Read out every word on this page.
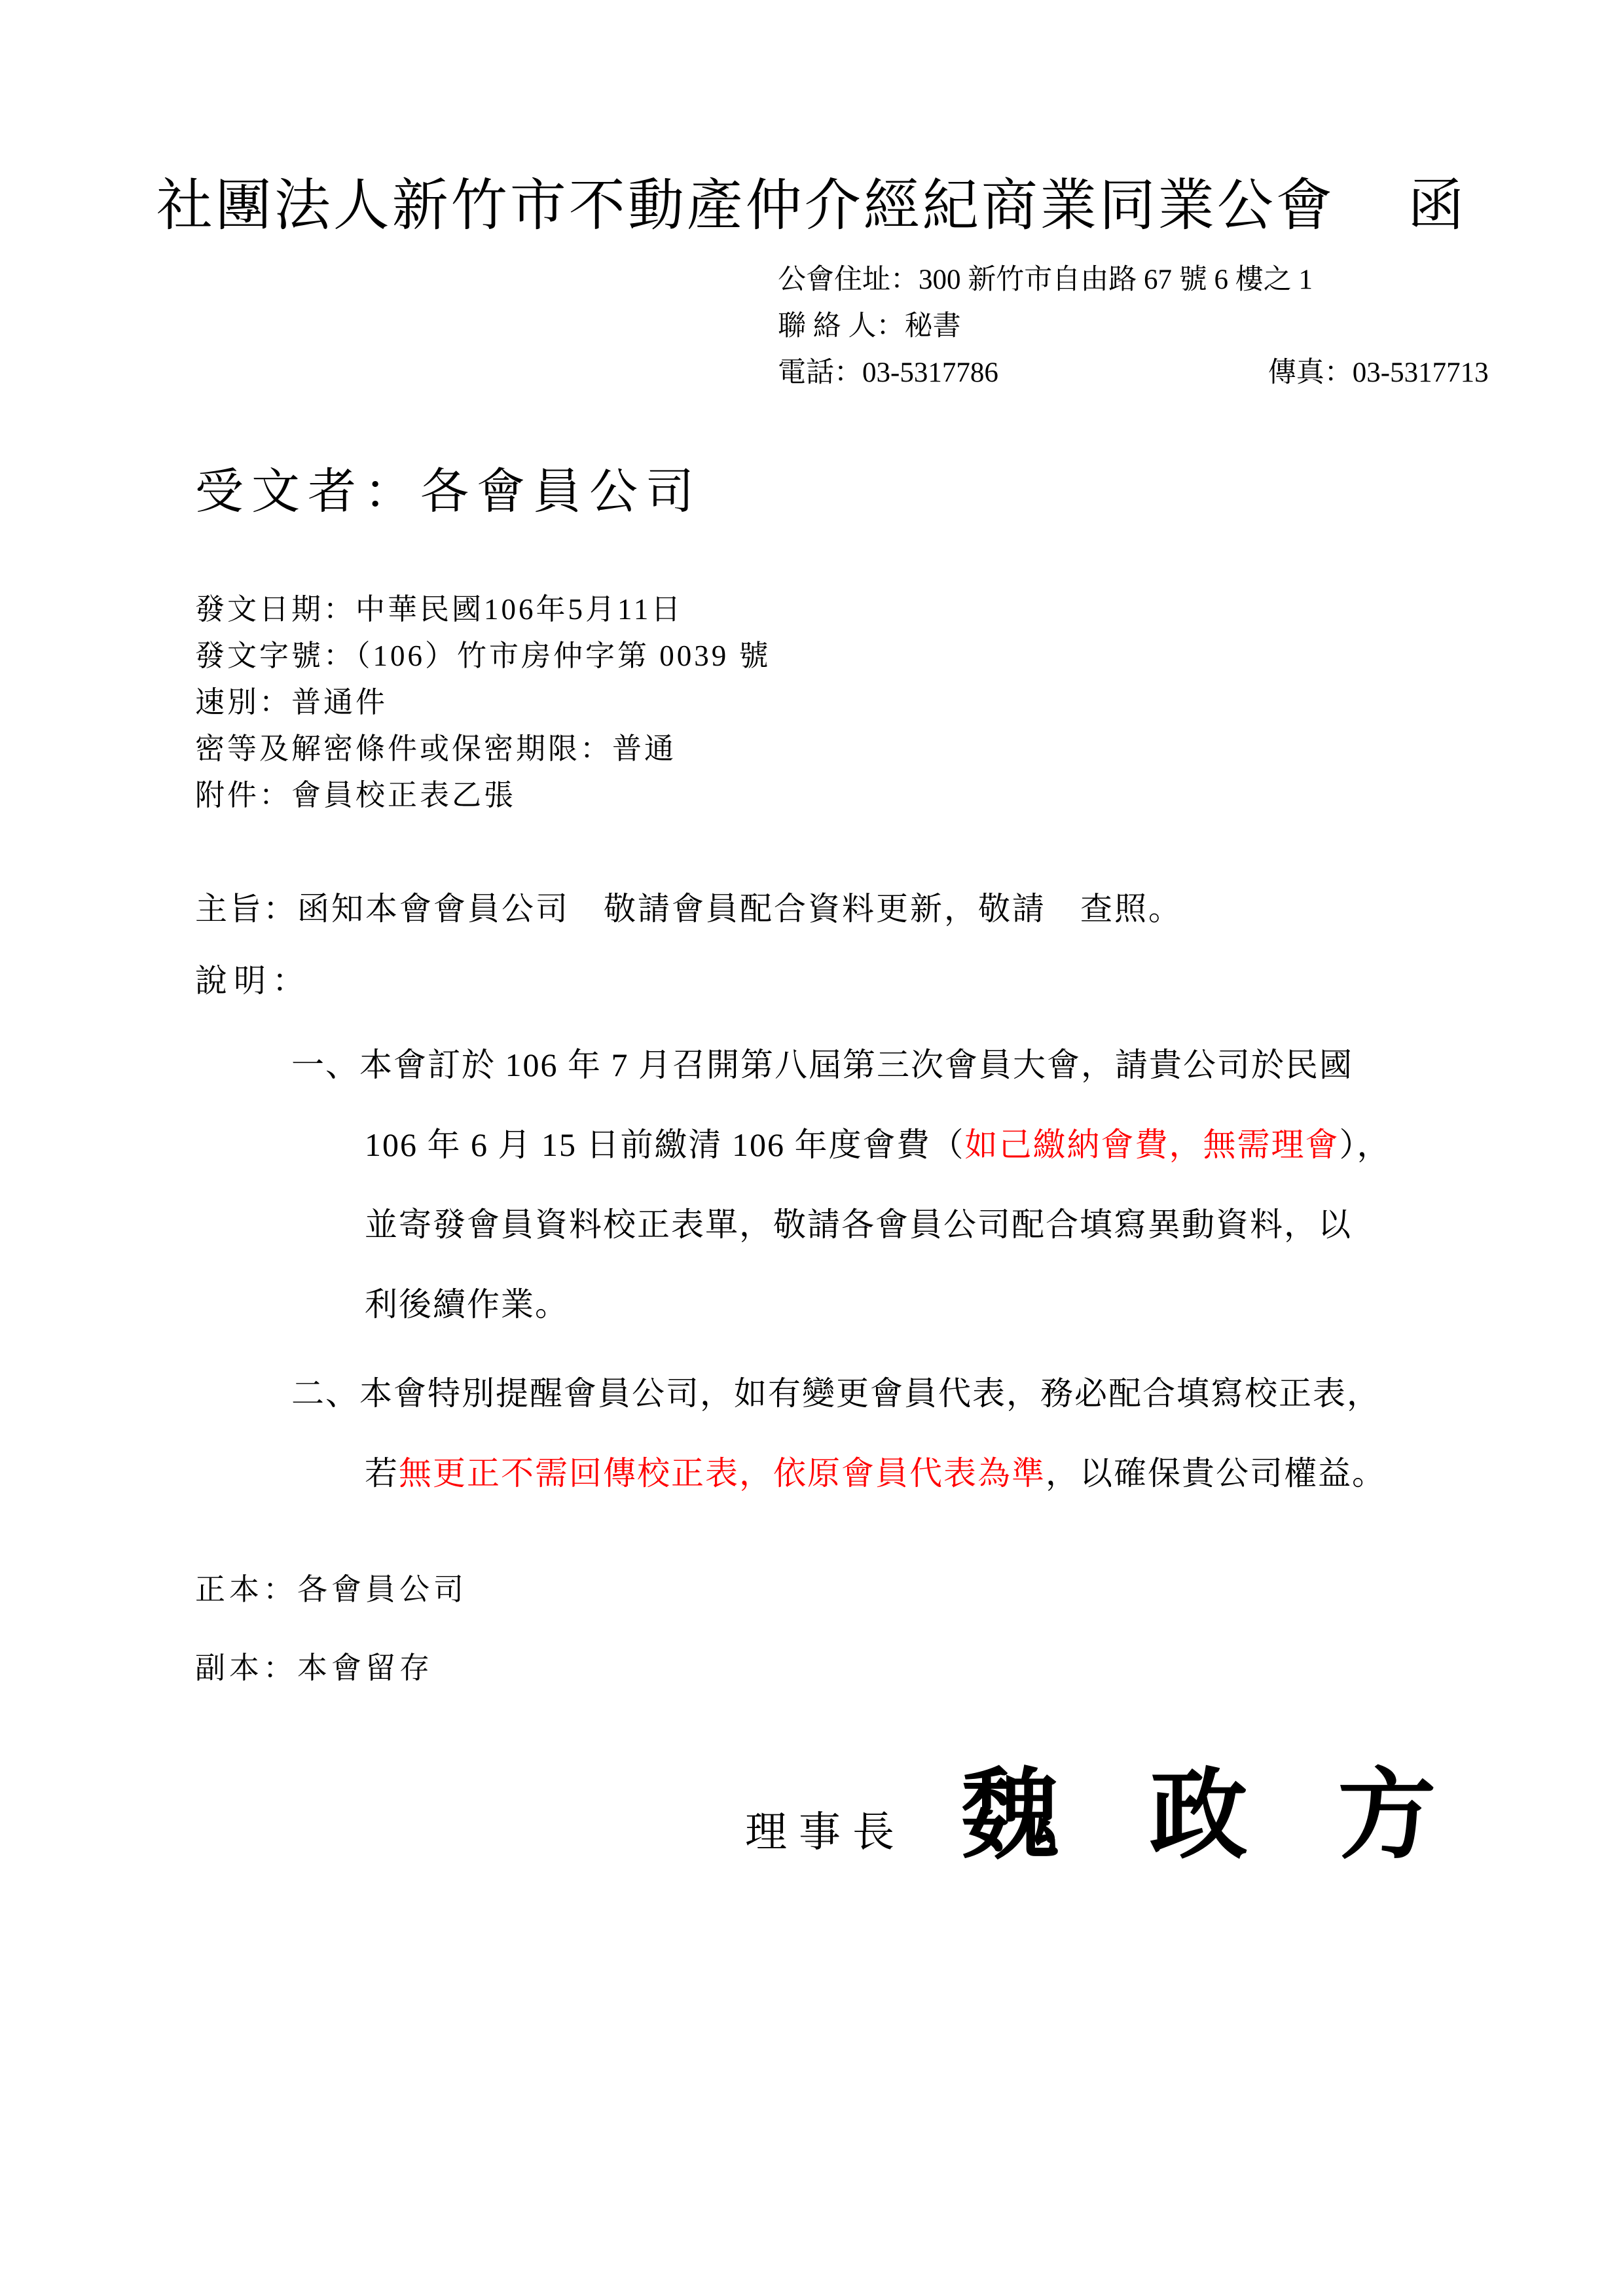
社團法人新竹市不動產仲介經紀商業同業公會 函
公會住址：300 新竹市自由路 67 號 6 樓之 1
聯 絡 人：秘書
電話：03-5317786	傳真：03-5317713
受文者：各會員公司
發文日期：中華民國106年5月11日
發文字號：（106）竹市房仲字第 0039 號
速別：普通件
密等及解密條件或保密期限：普通
附件：會員校正表乙張
主旨：函知本會會員公司　敬請會員配合資料更新，敬請　查照。
說明：
一、本會訂於 106 年 7 月召開第八屆第三次會員大會，請貴公司於民國
106 年 6 月 15 日前繳清 106 年度會費（如己繳納會費，無需理會），
並寄發會員資料校正表單，敬請各會員公司配合填寫異動資料，以
利後續作業。
二、本會特別提醒會員公司，如有變更會員代表，務必配合填寫校正表，
若無更正不需回傳校正表，依原會員代表為準，以確保貴公司權益。
正本：各會員公司
副本：本會留存
理事長 魏 政 方
